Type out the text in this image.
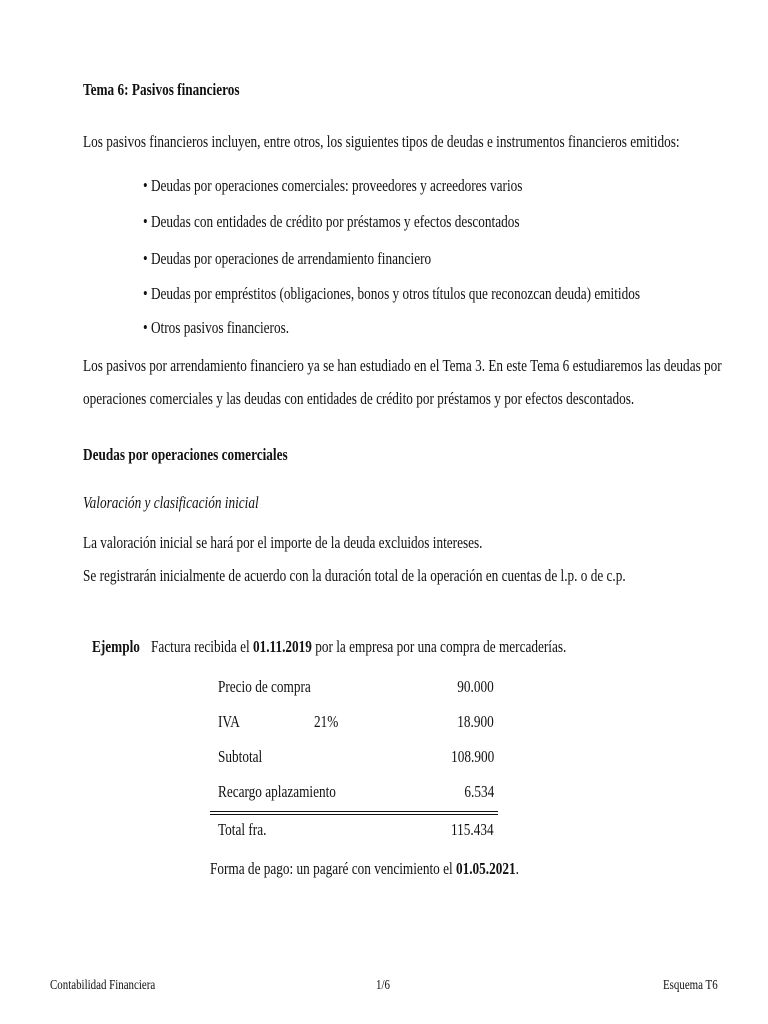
Tema 6: Pasivos financieros
Los pasivos financieros incluyen, entre otros, los siguientes tipos de deudas e instrumentos financieros emitidos:
• Deudas por operaciones comerciales: proveedores y acreedores varios
• Deudas con entidades de crédito por préstamos y efectos descontados
• Deudas por operaciones de arrendamiento financiero
• Deudas por empréstitos (obligaciones, bonos y otros títulos que reconozcan deuda) emitidos
• Otros pasivos financieros.
Los pasivos por arrendamiento financiero ya se han estudiado en el Tema 3. En este Tema 6 estudiaremos las deudas por
operaciones comerciales y las deudas con entidades de crédito por préstamos y por efectos descontados.
Deudas por operaciones comerciales
Valoración y clasificación inicial
La valoración inicial se hará por el importe de la deuda excluidos intereses.
Se registrarán inicialmente de acuerdo con la duración total de la operación en cuentas de l.p. o de c.p.
Ejemplo Factura recibida el 01.11.2019 por la empresa por una compra de mercaderías.
Precio de compra	90.000
IVA	21%	18.900
Subtotal	108.900
Recargo aplazamiento	6.534
Total fra.	115.434
Forma de pago: un pagaré con vencimiento el 01.05.2021.
Contabilidad Financiera	1/6	Esquema T6
